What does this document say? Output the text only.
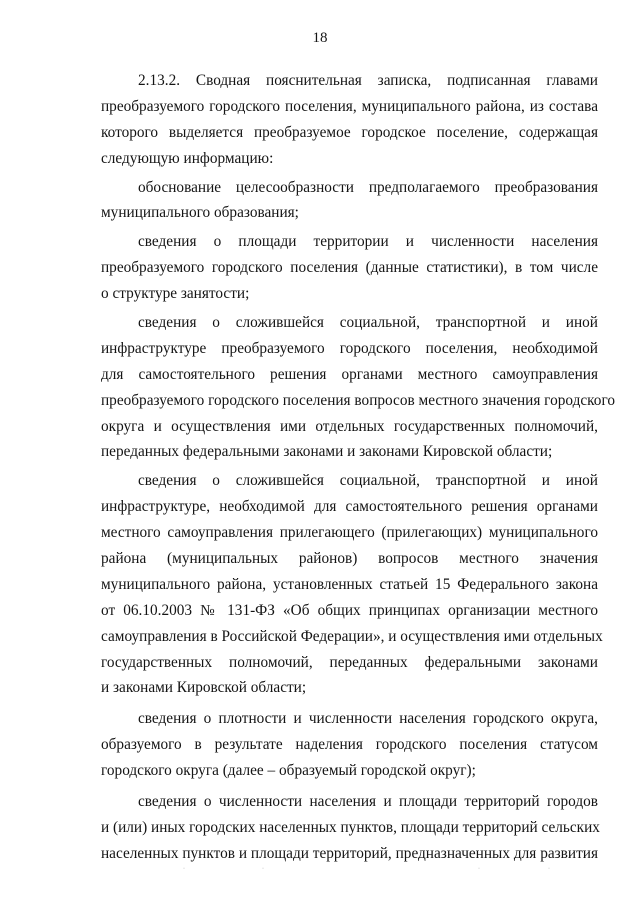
18
2.13.2. Сводная пояснительная записка, подписанная главами
преобразуемого городского поселения, муниципального района, из состава
которого выделяется преобразуемое городское поселение, содержащая
следующую информацию:
обоснование целесообразности предполагаемого преобразования
муниципального образования;
сведения о площади территории и численности населения
преобразуемого городского поселения (данные статистики), в том числе
о структуре занятости;
сведения о сложившейся социальной, транспортной и иной
инфраструктуре преобразуемого городского поселения, необходимой
для самостоятельного решения органами местного самоуправления
преобразуемого городского поселения вопросов местного значения городского
округа и осуществления ими отдельных государственных полномочий,
переданных федеральными законами и законами Кировской области;
сведения о сложившейся социальной, транспортной и иной
инфраструктуре, необходимой для самостоятельного решения органами
местного самоуправления прилегающего (прилегающих) муниципального
района (муниципальных районов) вопросов местного значения
муниципального района, установленных статьей 15 Федерального закона
от 06.10.2003 № 131-ФЗ «Об общих принципах организации местного
самоуправления в Российской Федерации», и осуществления ими отдельных
государственных полномочий, переданных федеральными законами
и законами Кировской области;
сведения о плотности и численности населения городского округа,
образуемого в результате наделения городского поселения статусом
городского округа (далее – образуемый городской округ);
сведения о численности населения и площади территорий городов
и (или) иных городских населенных пунктов, площади территорий сельских
населенных пунктов и площади территорий, предназначенных для развития
·	·	·	·
